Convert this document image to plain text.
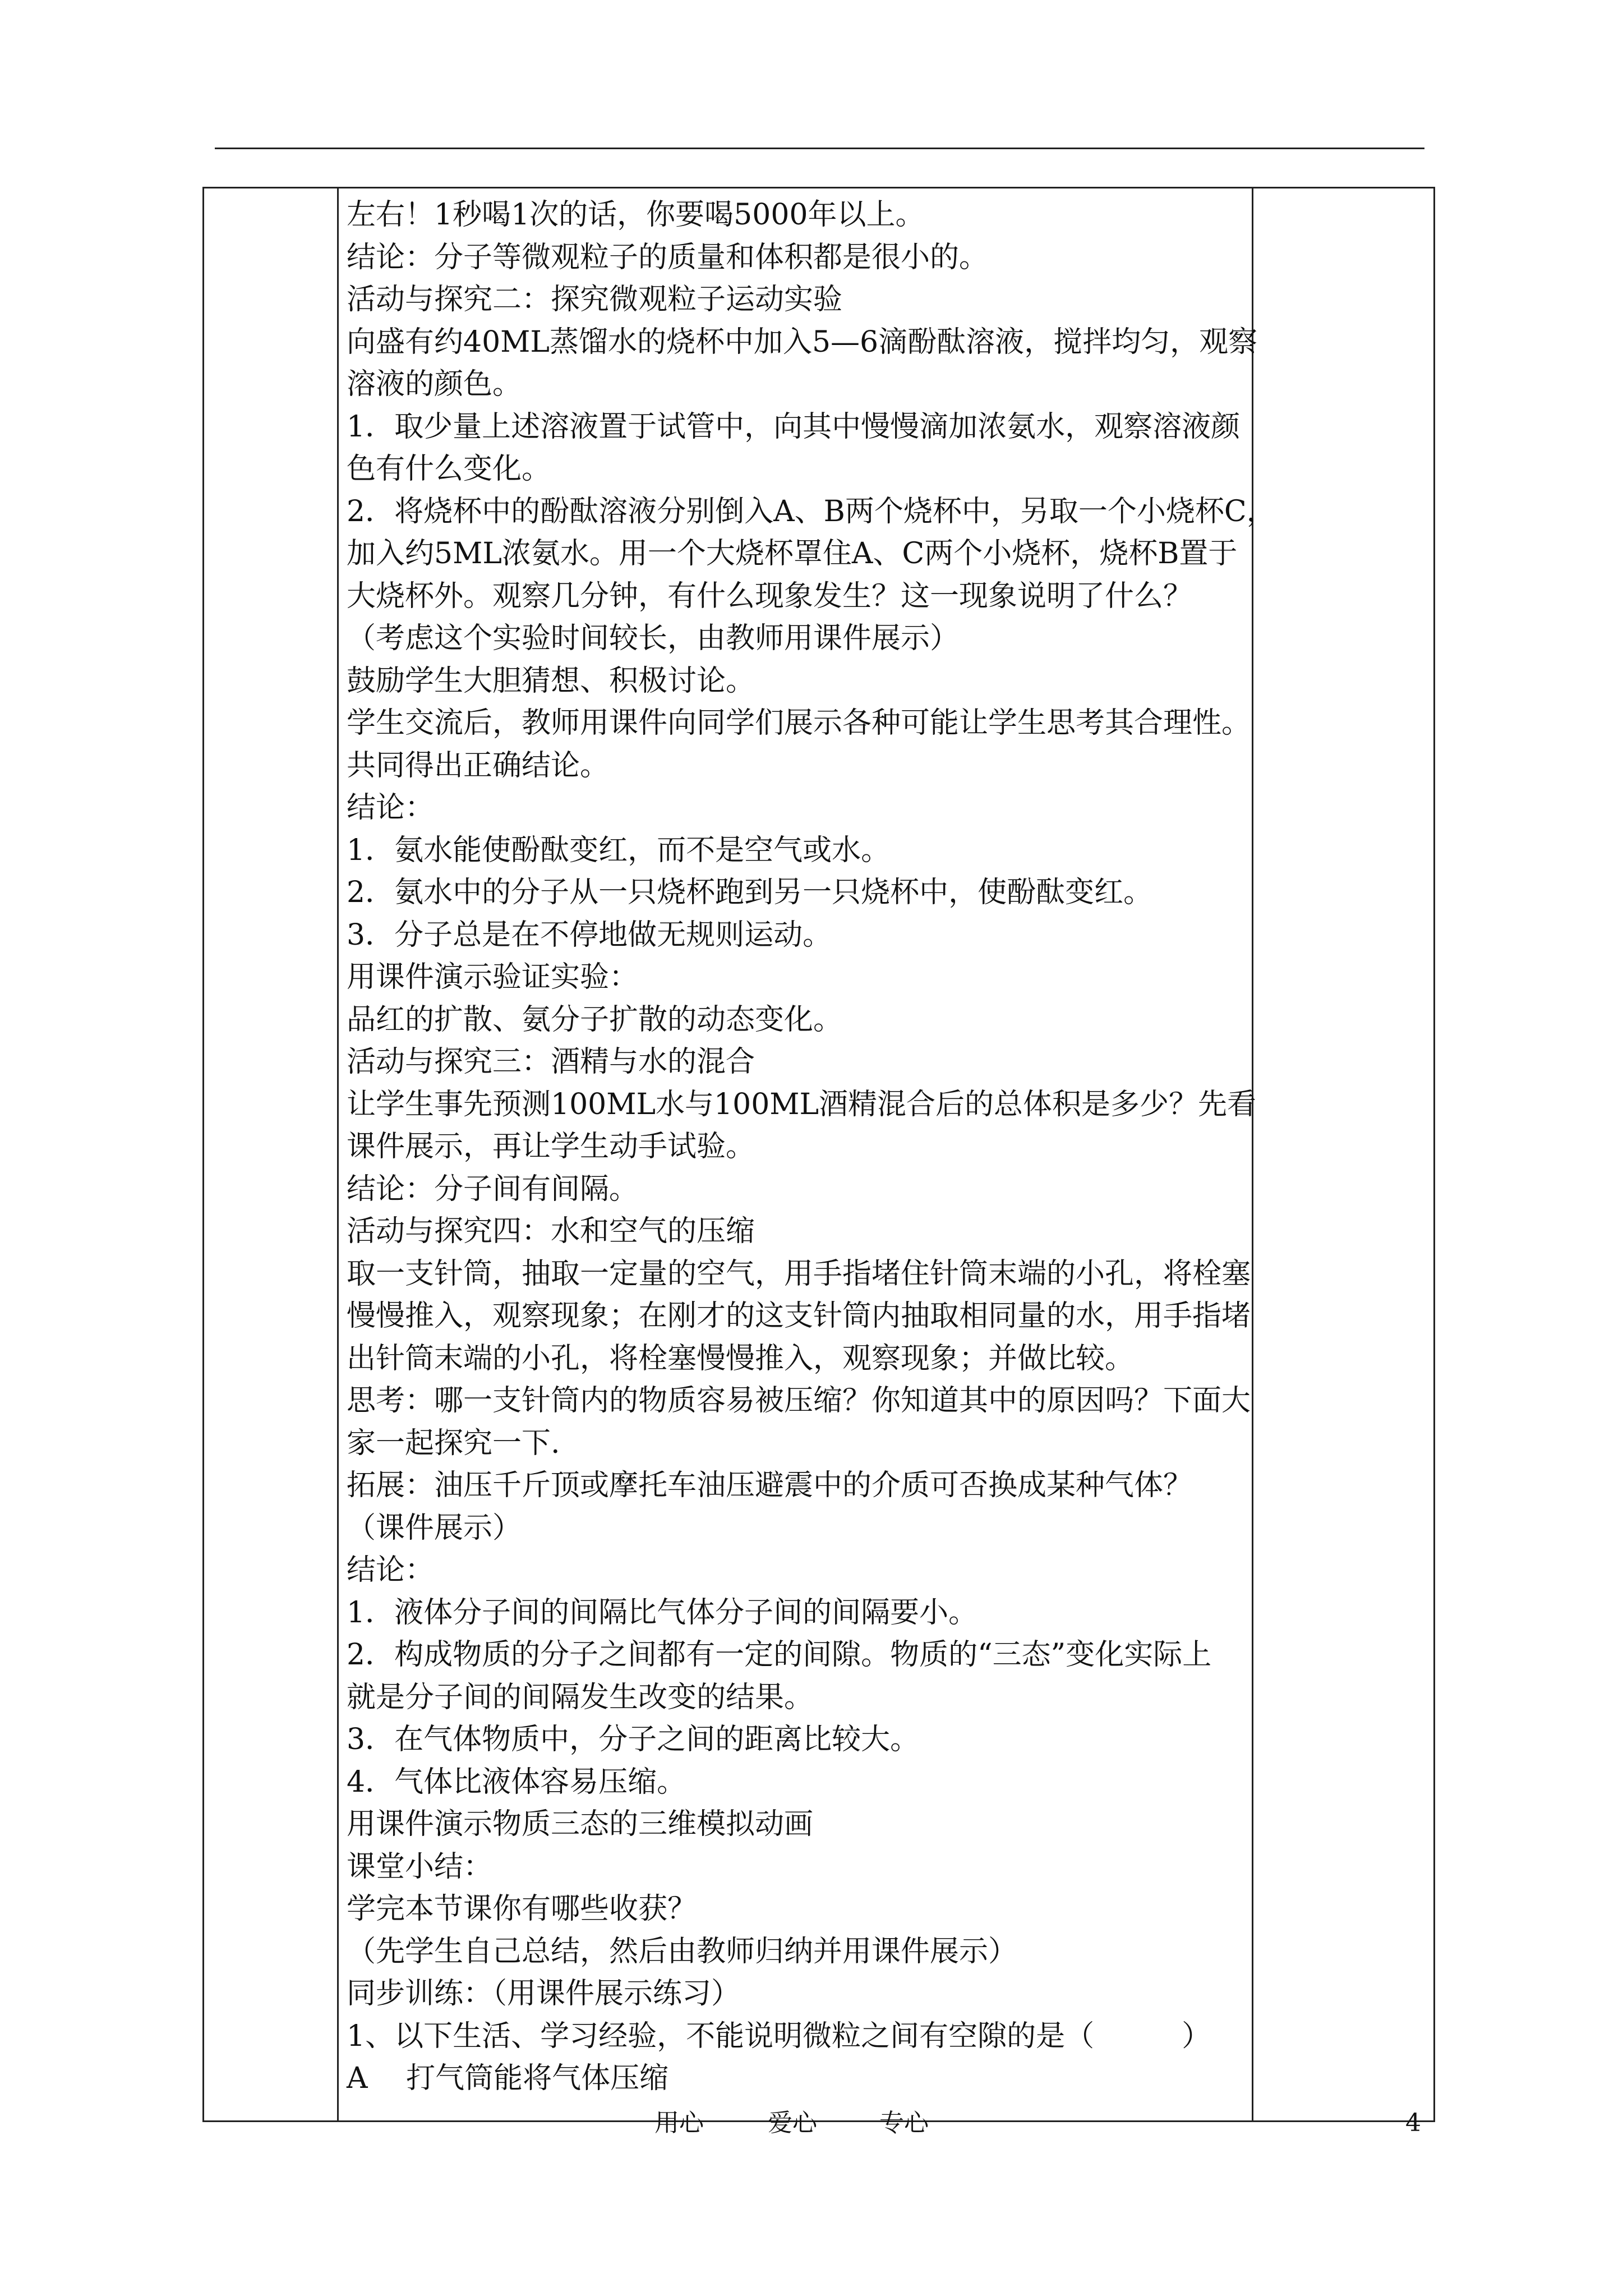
左右！1秒喝1次的话，你要喝5000年以上。
结论：分子等微观粒子的质量和体积都是很小的。
活动与探究二：探究微观粒子运动实验
向盛有约40ML蒸馏水的烧杯中加入5—6滴酚酞溶液，搅拌均匀，观察
溶液的颜色。
1．取少量上述溶液置于试管中，向其中慢慢滴加浓氨水，观察溶液颜
色有什么变化。
2．将烧杯中的酚酞溶液分别倒入A、B两个烧杯中，另取一个小烧杯C，
加入约5ML浓氨水。用一个大烧杯罩住A、C两个小烧杯，烧杯B置于
大烧杯外。观察几分钟，有什么现象发生？这一现象说明了什么？
（考虑这个实验时间较长，由教师用课件展示）
鼓励学生大胆猜想、积极讨论。
学生交流后，教师用课件向同学们展示各种可能让学生思考其合理性。
共同得出正确结论。
结论：
1．氨水能使酚酞变红，而不是空气或水。
2．氨水中的分子从一只烧杯跑到另一只烧杯中，使酚酞变红。
3．分子总是在不停地做无规则运动。
用课件演示验证实验：
品红的扩散、氨分子扩散的动态变化。
活动与探究三：酒精与水的混合
让学生事先预测100ML水与100ML酒精混合后的总体积是多少？先看
课件展示，再让学生动手试验。
结论：分子间有间隔。
活动与探究四：水和空气的压缩
取一支针筒，抽取一定量的空气，用手指堵住针筒末端的小孔，将栓塞
慢慢推入，观察现象；在刚才的这支针筒内抽取相同量的水，用手指堵
出针筒末端的小孔，将栓塞慢慢推入，观察现象；并做比较。
思考：哪一支针筒内的物质容易被压缩？你知道其中的原因吗？下面大
家一起探究一下.
拓展：油压千斤顶或摩托车油压避震中的介质可否换成某种气体？
（课件展示）
结论：
1．液体分子间的间隔比气体分子间的间隔要小。
2．构成物质的分子之间都有一定的间隙。物质的“三态”变化实际上
就是分子间的间隔发生改变的结果。
3．在气体物质中，分子之间的距离比较大。
4．气体比液体容易压缩。
用课件演示物质三态的三维模拟动画
课堂小结：
学完本节课你有哪些收获？
（先学生自己总结，然后由教师归纳并用课件展示）
同步训练：（用课件展示练习）
1、以下生活、学习经验，不能说明微粒之间有空隙的是（　　　）
A　 打气筒能将气体压缩
用心	爱心	专心	4
